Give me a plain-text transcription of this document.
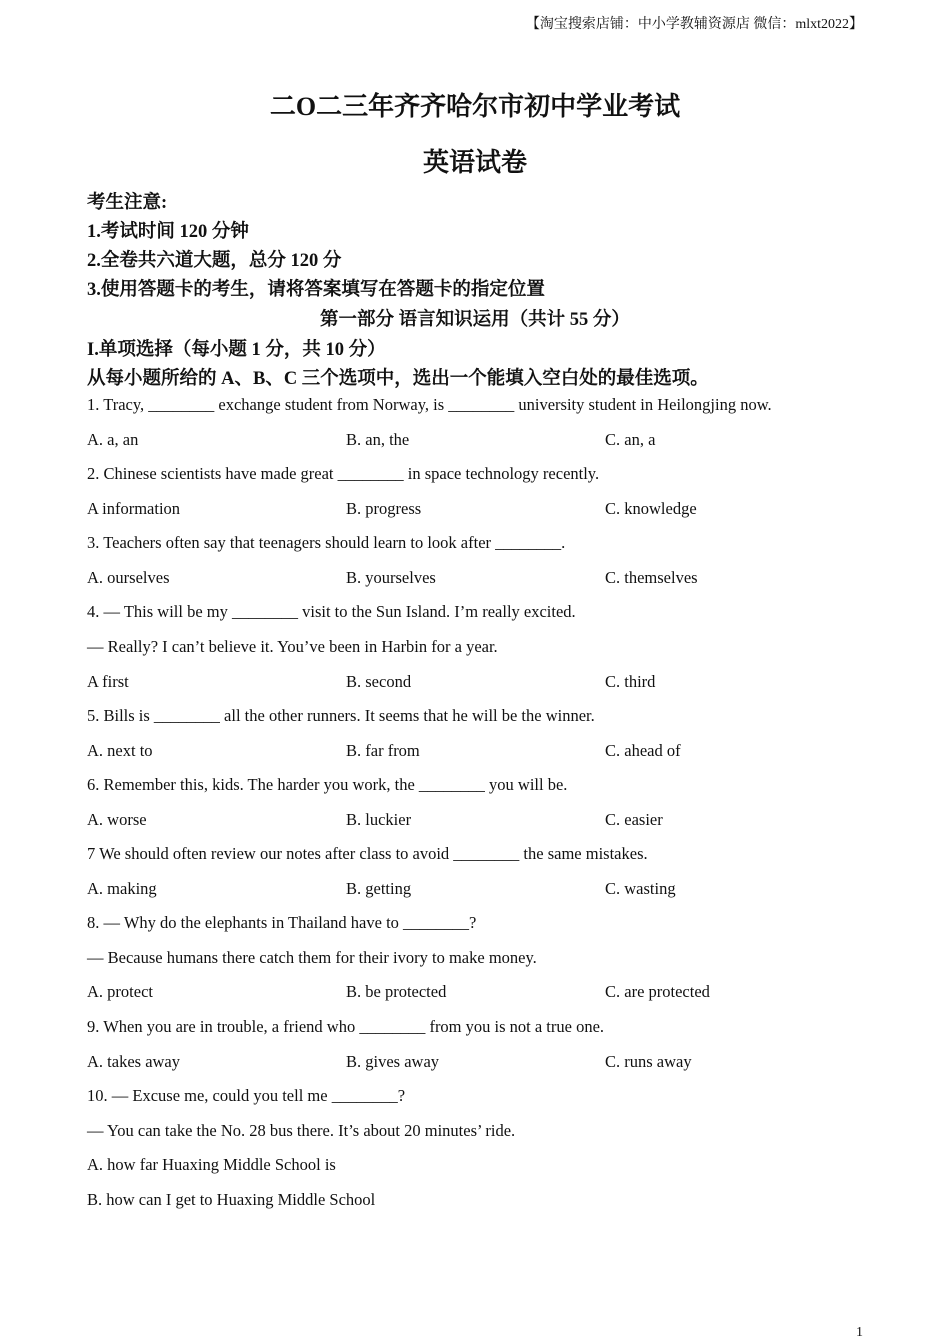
【淘宝搜索店铺：中小学教辅资源店 微信：mlxt2022】
二O二三年齐齐哈尔市初中学业考试
英语试卷
考生注意:
1.考试时间 120 分钟
2.全卷共六道大题，总分 120 分
3.使用答题卡的考生，请将答案填写在答题卡的指定位置
第一部分 语言知识运用（共计 55 分）
I.单项选择（每小题 1 分，共 10 分）
从每小题所给的 A、B、C 三个选项中，选出一个能填入空白处的最佳选项。
1. Tracy, ________ exchange student from Norway, is ________ university student in Heilongjing now.
A. a, an	B. an, the	C. an, a
2. Chinese scientists have made great ________ in space technology recently.
A information	B. progress	C. knowledge
3. Teachers often say that teenagers should learn to look after ________.
A. ourselves	B. yourselves	C. themselves
4. — This will be my ________ visit to the Sun Island. I’m really excited.
— Really? I can’t believe it. You’ve been in Harbin for a year.
A first	B. second	C. third
5. Bills is ________ all the other runners. It seems that he will be the winner.
A. next to	B. far from	C. ahead of
6. Remember this, kids. The harder you work, the ________ you will be.
A. worse	B. luckier	C. easier
7 We should often review our notes after class to avoid ________ the same mistakes.
A. making	B. getting	C. wasting
8. — Why do the elephants in Thailand have to ________?
— Because humans there catch them for their ivory to make money.
A. protect	B. be protected	C. are protected
9. When you are in trouble, a friend who ________ from you is not a true one.
A. takes away	B. gives away	C. runs away
10. — Excuse me, could you tell me ________?
— You can take the No. 28 bus there. It’s about 20 minutes’ ride.
A. how far Huaxing Middle School is
B. how can I get to Huaxing Middle School
1
